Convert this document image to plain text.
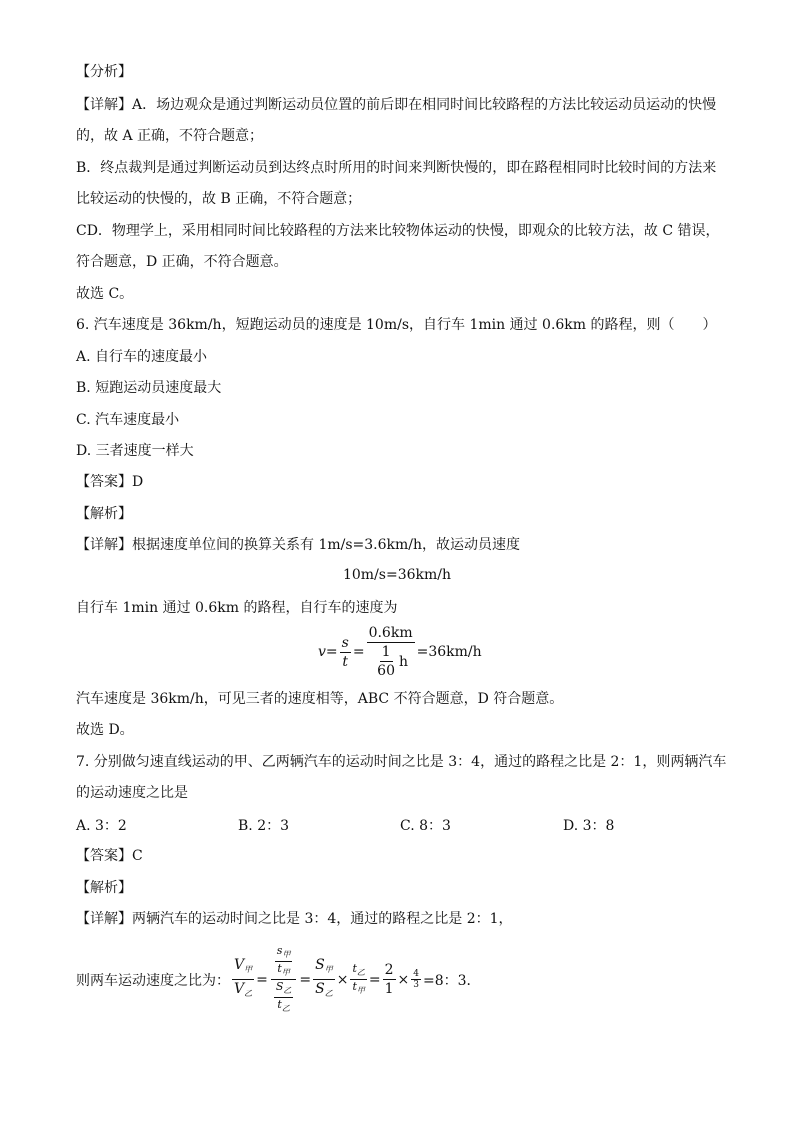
【分析】
【详解】A．场边观众是通过判断运动员位置的前后即在相同时间比较路程的方法比较运动员运动的快慢
的，故 A 正确，不符合题意；
B．终点裁判是通过判断运动员到达终点时所用的时间来判断快慢的，即在路程相同时比较时间的方法来
比较运动的快慢的，故 B 正确，不符合题意；
CD．物理学上，采用相同时间比较路程的方法来比较物体运动的快慢，即观众的比较方法，故 C 错误，
符合题意，D 正确，不符合题意。
故选 C。
6. 汽车速度是 36km/h，短跑运动员的速度是 10m/s，自行车 1min 通过 0.6km 的路程，则（　　）
A. 自行车的速度最小
B. 短跑运动员速度最大
C. 汽车速度最小
D. 三者速度一样大
【答案】D
【解析】
【详解】根据速度单位间的换算关系有 1m/s=3.6km/h，故运动员速度
10m/s=36km/h
自行车 1min 通过 0.6km 的路程，自行车的速度为
$v = \frac{s}{t} = \frac{0.6km}{\frac{1}{60} h} =36km/h$
汽车速度是 36km/h，可见三者的速度相等，ABC 不符合题意，D 符合题意。
故选 D。
7. 分别做匀速直线运动的甲、乙两辆汽车的运动时间之比是 3：4，通过的路程之比是 2：1，则两辆汽车
的运动速度之比是
A. 3：2	B. 2：3	C. 8：3	D. 3：8
【答案】C
【解析】
【详解】两辆汽车的运动时间之比是 3：4，通过的路程之比是 2：1，
则两车运动速度之比为： $\frac{V_甲}{V_乙} = \frac{\frac{s_甲}{t_甲}}{\frac{S_乙}{t_乙}} = \frac{S_甲}{S_乙} \times \frac{t_乙}{t_甲} = \frac{2}{1} \times \frac{4}{3} =8$：3．
